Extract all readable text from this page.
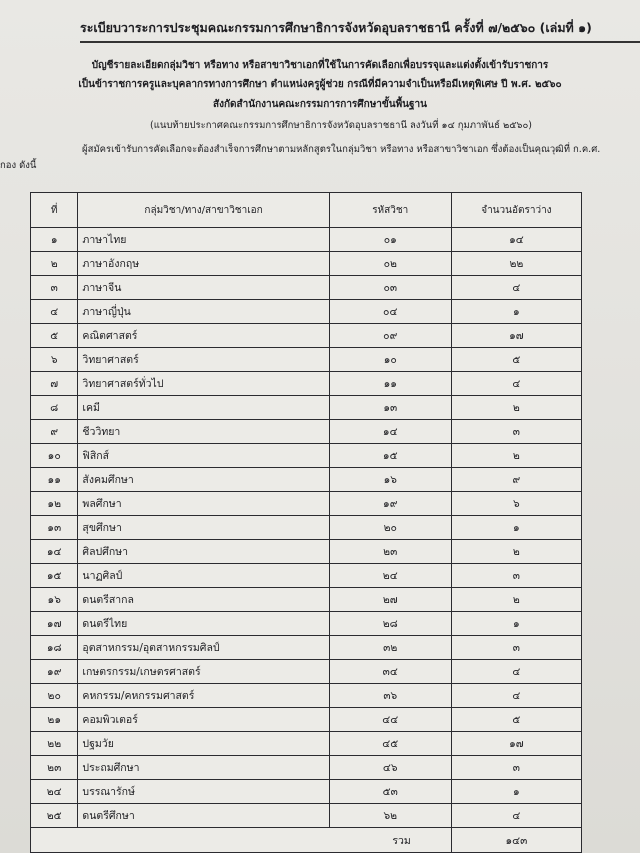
ระเบียบวาระการประชุมคณะกรรมการศึกษาธิการจังหวัดอุบลราชธานี ครั้งที่ ๗/๒๕๖๐ (เล่มที่ ๑)
บัญชีรายละเอียดกลุ่มวิชา หรือทาง หรือสาขาวิชาเอกที่ใช้ในการคัดเลือกเพื่อบรรจุและแต่งตั้งเข้ารับราชการ
เป็นข้าราชการครูและบุคลากรทางการศึกษา ตำแหน่งครูผู้ช่วย กรณีที่มีความจำเป็นหรือมีเหตุพิเศษ ปี พ.ศ. ๒๕๖๐
สังกัดสำนักงานคณะกรรมการการศึกษาขั้นพื้นฐาน
(แนบท้ายประกาศคณะกรรมการศึกษาธิการจังหวัดอุบลราชธานี ลงวันที่ ๑๔ กุมภาพันธ์ ๒๕๖๐)
ผู้สมัครเข้ารับการคัดเลือกจะต้องสำเร็จการศึกษาตามหลักสูตรในกลุ่มวิชา หรือทาง หรือสาขาวิชาเอก ซึ่งต้องเป็นคุณวุฒิที่ ก.ค.ศ.
กอง ดังนี้
ที่	กลุ่มวิชา/ทาง/สาขาวิชาเอก	รหัสวิชา	จำนวนอัตราว่าง
๑	ภาษาไทย	๐๑	๑๔
๒	ภาษาอังกฤษ	๐๒	๒๒
๓	ภาษาจีน	๐๓	๔
๔	ภาษาญี่ปุ่น	๐๔	๑
๕	คณิตศาสตร์	๐๙	๑๗
๖	วิทยาศาสตร์	๑๐	๕
๗	วิทยาศาสตร์ทั่วไป	๑๑	๔
๘	เคมี	๑๓	๒
๙	ชีววิทยา	๑๔	๓
๑๐	ฟิสิกส์	๑๕	๒
๑๑	สังคมศึกษา	๑๖	๙
๑๒	พลศึกษา	๑๙	๖
๑๓	สุขศึกษา	๒๐	๑
๑๔	ศิลปศึกษา	๒๓	๒
๑๕	นาฏศิลป์	๒๔	๓
๑๖	ดนตรีสากล	๒๗	๒
๑๗	ดนตรีไทย	๒๘	๑
๑๘	อุตสาหกรรม/อุตสาหกรรมศิลป์	๓๒	๓
๑๙	เกษตรกรรม/เกษตรศาสตร์	๓๔	๔
๒๐	คหกรรม/คหกรรมศาสตร์	๓๖	๔
๒๑	คอมพิวเตอร์	๔๔	๕
๒๒	ปฐมวัย	๔๕	๑๗
๒๓	ประถมศึกษา	๔๖	๓
๒๔	บรรณารักษ์	๕๓	๑
๒๕	ดนตรีศึกษา	๖๒	๔
รวม			๑๔๓
